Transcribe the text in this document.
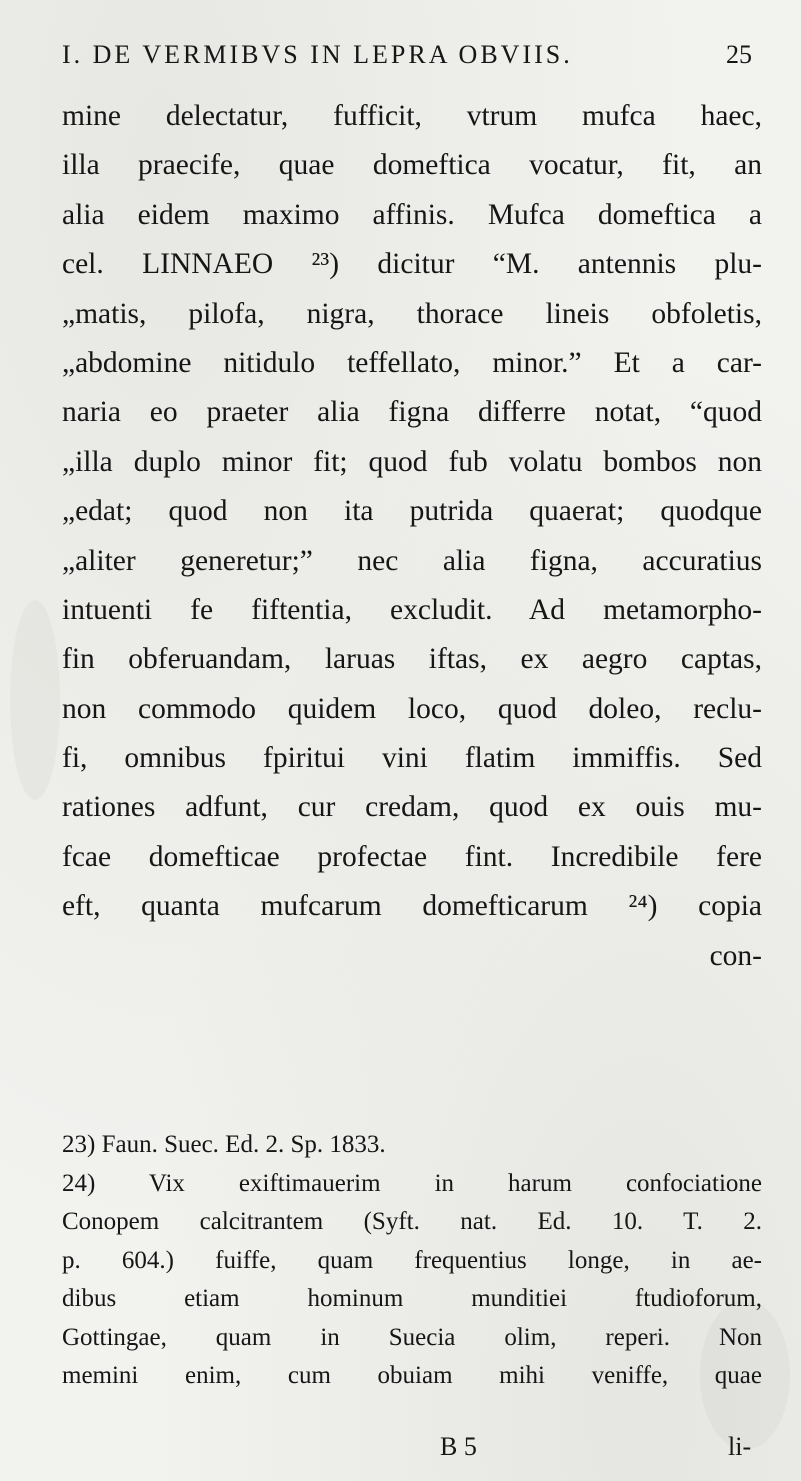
I. DE VERMIBVS IN LEPRA OBVIIS.	25
mine delectatur, fufficit, vtrum mufca haec,
illa praecife, quae domeftica vocatur, fit, an
alia eidem maximo affinis. Mufca domeftica a
cel. LINNAEO ²³) dicitur “M. antennis plu-
„matis, pilofa, nigra, thorace lineis obfoletis,
„abdomine nitidulo teffellato, minor.” Et a car-
naria eo praeter alia figna differre notat, “quod
„illa duplo minor fit; quod fub volatu bombos non
„edat; quod non ita putrida quaerat; quodque
„aliter generetur;” nec alia figna, accuratius
intuenti fe fiftentia, excludit. Ad metamorpho-
fin obferuandam, laruas iftas, ex aegro captas,
non commodo quidem loco, quod doleo, reclu-
fi, omnibus fpiritui vini flatim immiffis. Sed
rationes adfunt, cur credam, quod ex ouis mu-
fcae domefticae profectae fint. Incredibile fere
eft, quanta mufcarum domefticarum ²⁴) copia
con-
23) Faun. Suec. Ed. 2. Sp. 1833.
24) Vix exiftimauerim in harum confociatione
Conopem calcitrantem (Syft. nat. Ed. 10. T. 2.
p. 604.) fuiffe, quam frequentius longe, in ae-
dibus etiam hominum munditiei ftudioforum,
Gottingae, quam in Suecia olim, reperi. Non
memini enim, cum obuiam mihi veniffe, quae
B 5	li-
